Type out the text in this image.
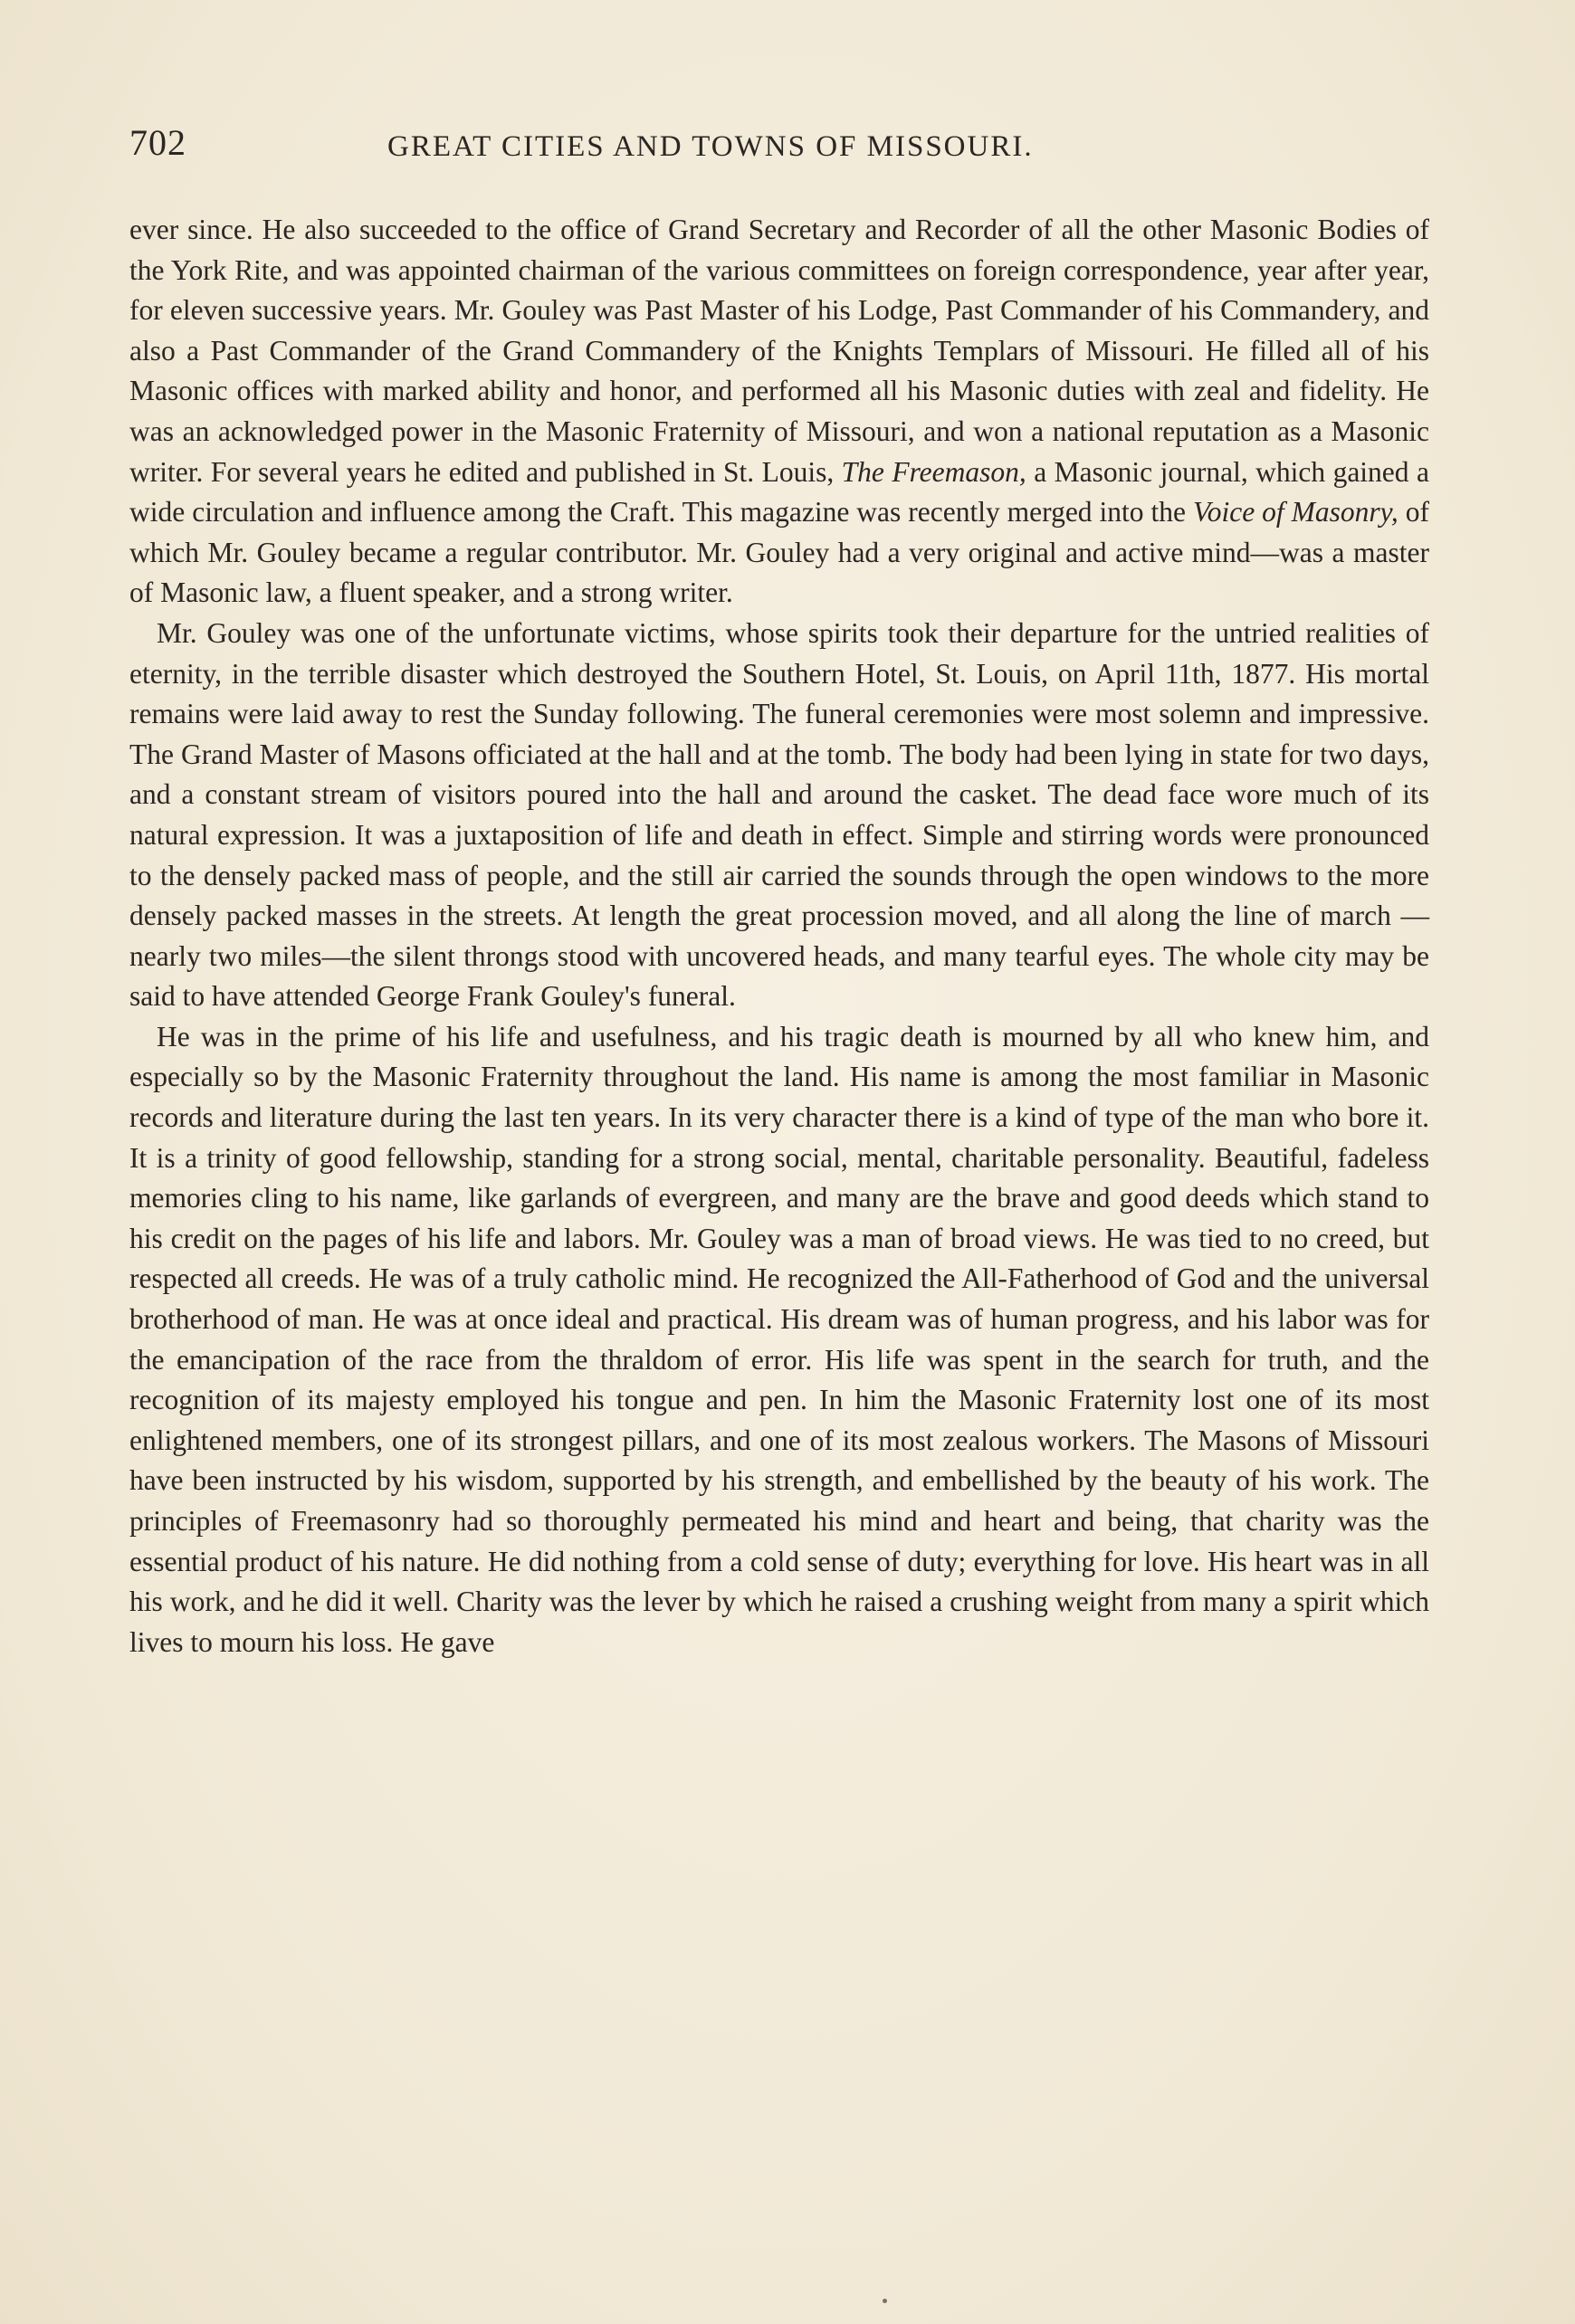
702	GREAT CITIES AND TOWNS OF MISSOURI.

ever since. He also succeeded to the office of Grand Secretary and Recorder of all the other Masonic Bodies of the York Rite, and was appointed chairman of the various committees on foreign correspondence, year after year, for eleven successive years. Mr. Gouley was Past Master of his Lodge, Past Commander of his Commandery, and also a Past Commander of the Grand Commandery of the Knights Templars of Missouri. He filled all of his Masonic offices with marked ability and honor, and performed all his Masonic duties with zeal and fidelity. He was an acknowledged power in the Masonic Fraternity of Missouri, and won a national reputation as a Masonic writer. For several years he edited and published in St. Louis, The Freemason, a Masonic journal, which gained a wide circulation and influence among the Craft. This magazine was recently merged into the Voice of Masonry, of which Mr. Gouley became a regular contributor. Mr. Gouley had a very original and active mind—was a master of Masonic law, a fluent speaker, and a strong writer.

Mr. Gouley was one of the unfortunate victims, whose spirits took their departure for the untried realities of eternity, in the terrible disaster which destroyed the Southern Hotel, St. Louis, on April 11th, 1877. His mortal remains were laid away to rest the Sunday following. The funeral ceremonies were most solemn and impressive. The Grand Master of Masons officiated at the hall and at the tomb. The body had been lying in state for two days, and a constant stream of visitors poured into the hall and around the casket. The dead face wore much of its natural expression. It was a juxtaposition of life and death in effect. Simple and stirring words were pronounced to the densely packed mass of people, and the still air carried the sounds through the open windows to the more densely packed masses in the streets. At length the great procession moved, and all along the line of march —nearly two miles—the silent throngs stood with uncovered heads, and many tearful eyes. The whole city may be said to have attended George Frank Gouley's funeral.

He was in the prime of his life and usefulness, and his tragic death is mourned by all who knew him, and especially so by the Masonic Fraternity throughout the land. His name is among the most familiar in Masonic records and literature during the last ten years. In its very character there is a kind of type of the man who bore it. It is a trinity of good fellowship, standing for a strong social, mental, charitable personality. Beautiful, fadeless memories cling to his name, like garlands of evergreen, and many are the brave and good deeds which stand to his credit on the pages of his life and labors. Mr. Gouley was a man of broad views. He was tied to no creed, but respected all creeds. He was of a truly catholic mind. He recognized the All-Fatherhood of God and the universal brotherhood of man. He was at once ideal and practical. His dream was of human progress, and his labor was for the emancipation of the race from the thraldom of error. His life was spent in the search for truth, and the recognition of its majesty employed his tongue and pen. In him the Masonic Fraternity lost one of its most enlightened members, one of its strongest pillars, and one of its most zealous workers. The Masons of Missouri have been instructed by his wisdom, supported by his strength, and embellished by the beauty of his work. The principles of Freemasonry had so thoroughly permeated his mind and heart and being, that charity was the essential product of his nature. He did nothing from a cold sense of duty; everything for love. His heart was in all his work, and he did it well. Charity was the lever by which he raised a crushing weight from many a spirit which lives to mourn his loss. He gave
